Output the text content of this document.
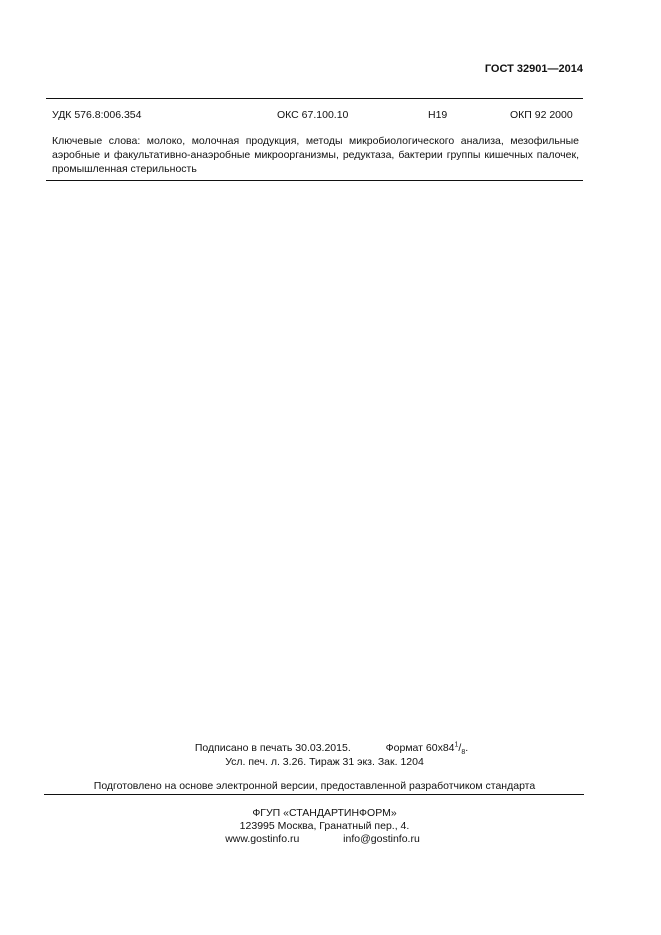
ГОСТ 32901—2014
УДК 576.8:006.354	ОКС 67.100.10	Н19	ОКП 92 2000
Ключевые слова: молоко, молочная продукция, методы микробиологического анализа, мезофильные аэробные и факультативно-анаэробные микроорганизмы, редуктаза, бактерии группы кишечных палочек, промышленная стерильность
Подписано в печать 30.03.2015.	Формат $60х84^1/_8$.
Усл. печ. л. 3.26. Тираж 31 экз. Зак. 1204
Подготовлено на основе электронной версии, предоставленной разработчиком стандарта
ФГУП «СТАНДАРТИНФОРМ»
123995 Москва, Гранатный пер., 4.
www.gostinfo.ru	info@gostinfo.ru
